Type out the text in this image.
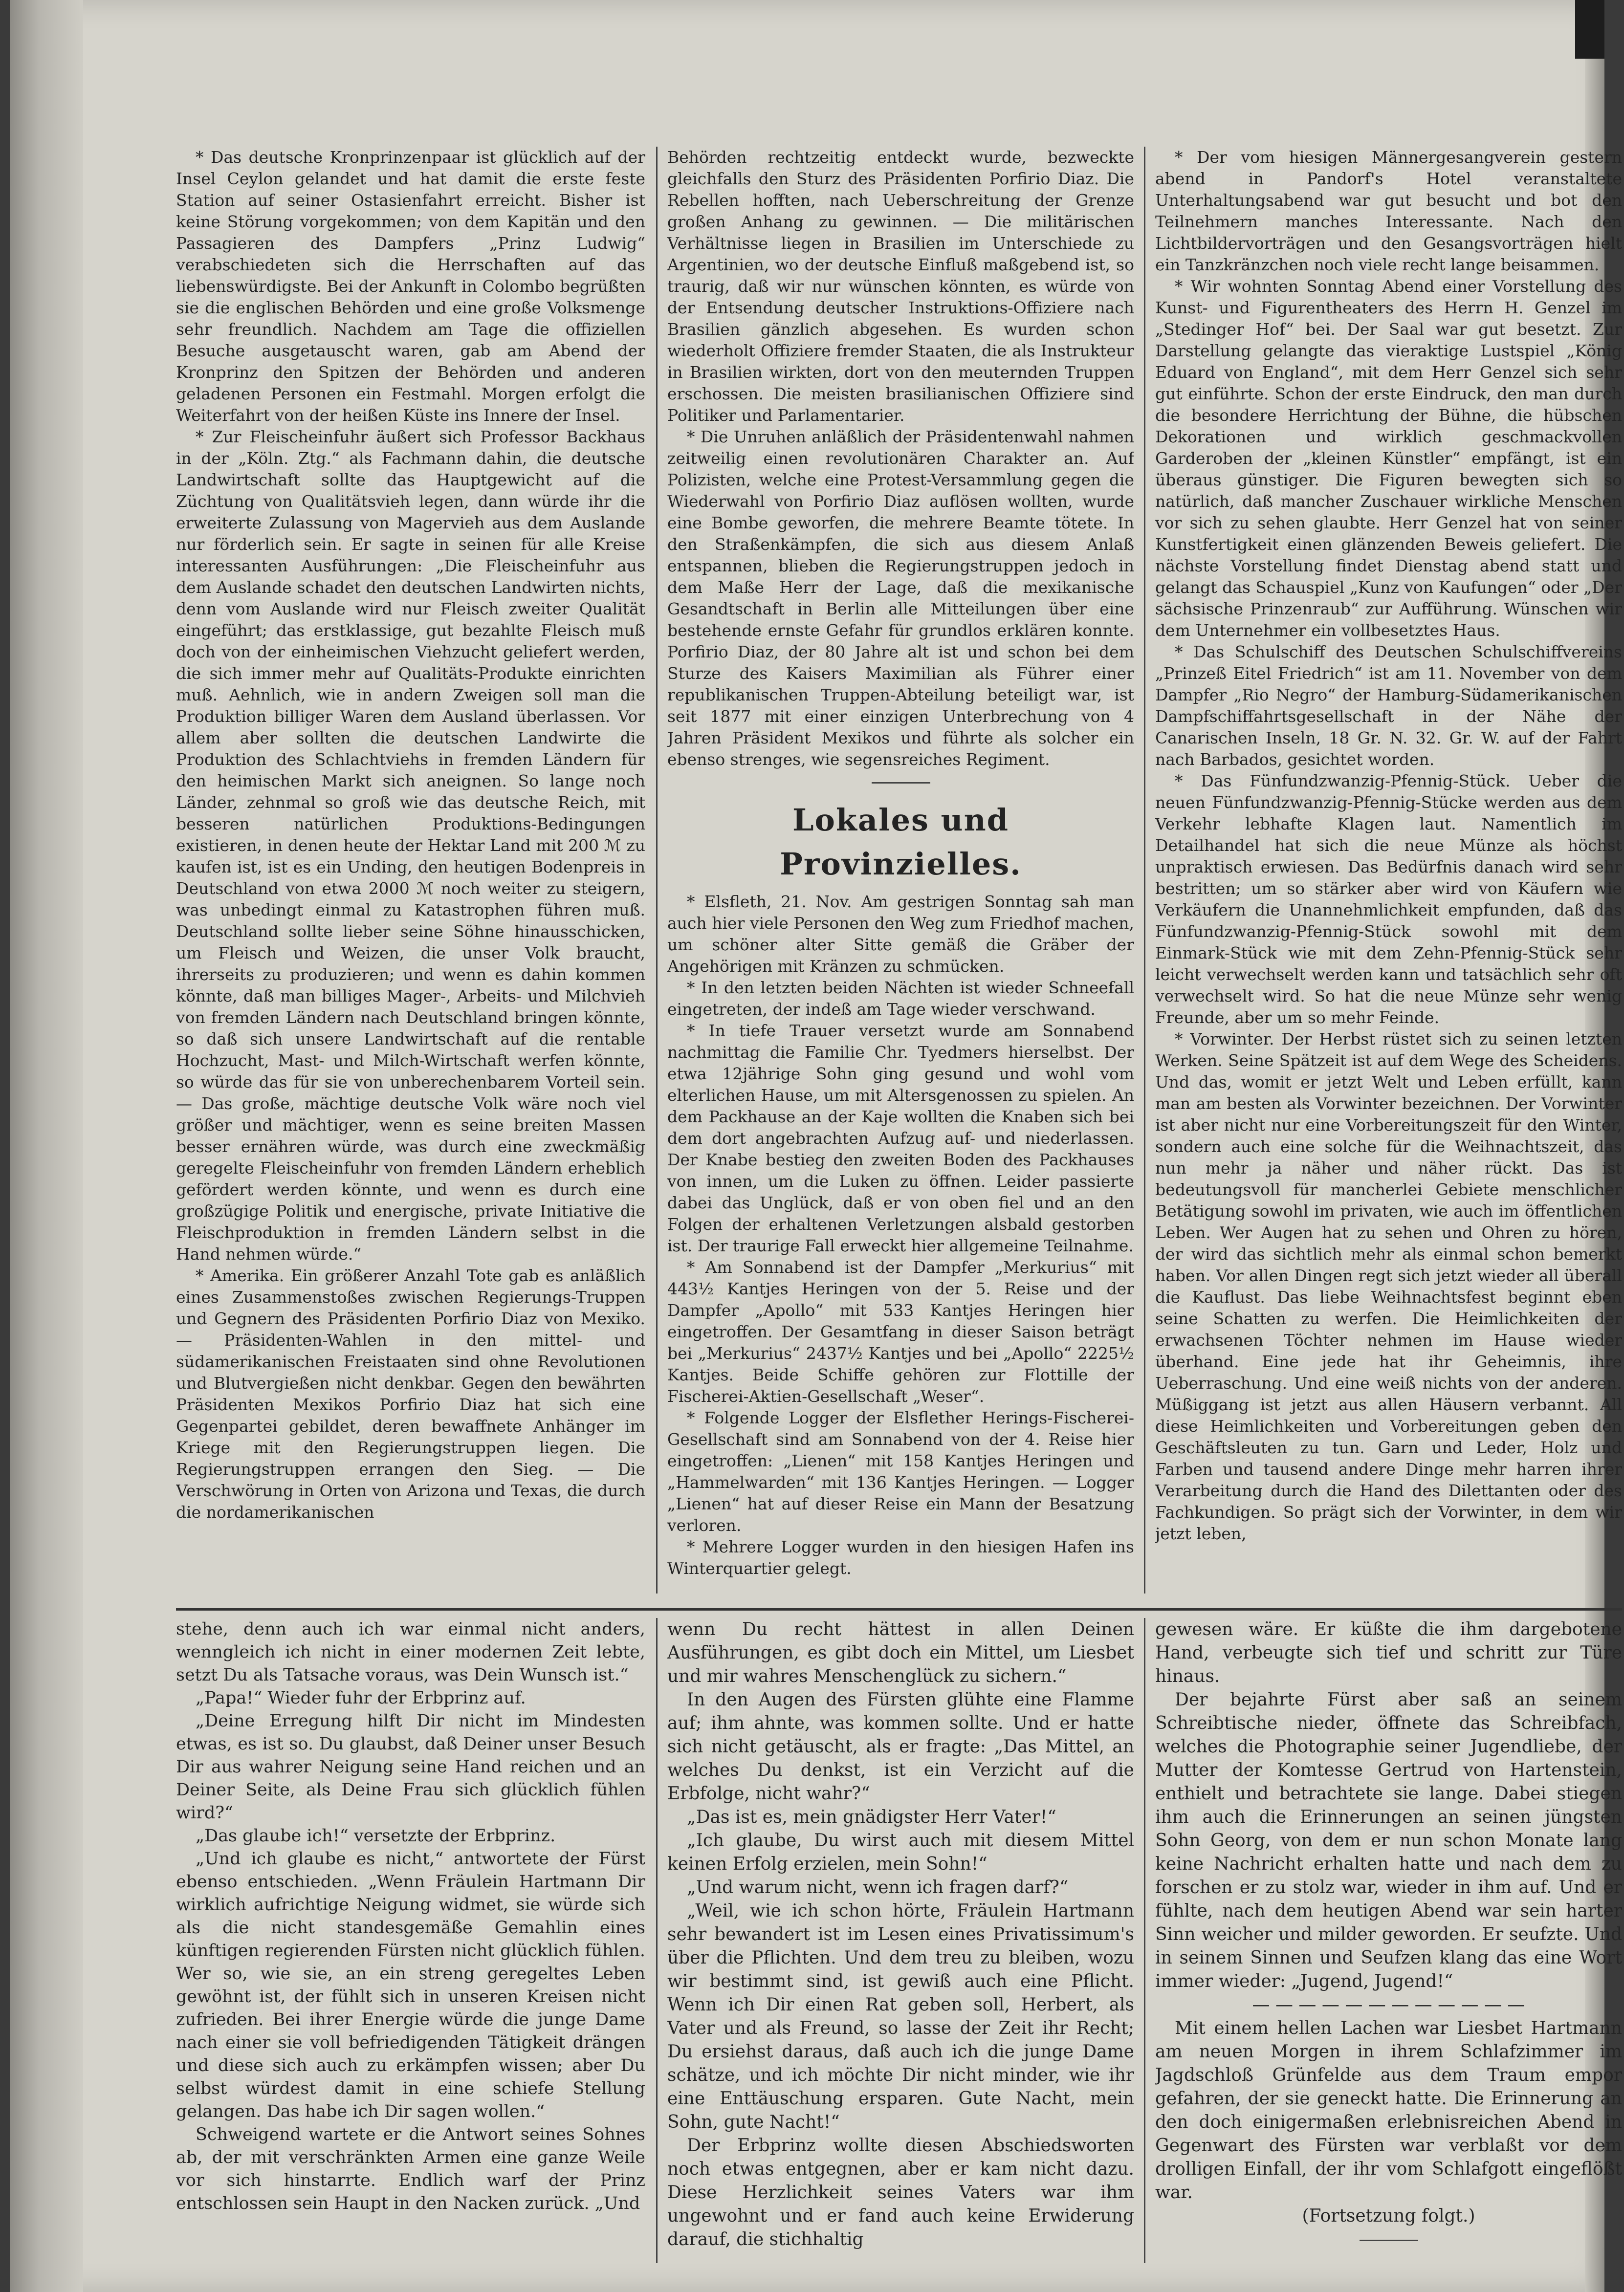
* Das deutsche Kronprinzenpaar ist glücklich auf der Insel Ceylon gelandet und hat damit die erste feste Station auf seiner Ostasienfahrt erreicht. Bisher ist keine Störung vorgekommen; von dem Kapitän und den Passagieren des Dampfers „Prinz Ludwig“ verabschiedeten sich die Herrschaften auf das liebenswürdigste. Bei der Ankunft in Colombo begrüßten sie die englischen Behörden und eine große Volksmenge sehr freundlich. Nachdem am Tage die offiziellen Besuche ausgetauscht waren, gab am Abend der Kronprinz den Spitzen der Behörden und anderen geladenen Personen ein Festmahl. Morgen erfolgt die Weiterfahrt von der heißen Küste ins Innere der Insel.

* Zur Fleischeinfuhr äußert sich Professor Backhaus in der „Köln. Ztg.“ als Fachmann dahin, die deutsche Landwirtschaft sollte das Hauptgewicht auf die Züchtung von Qualitätsvieh legen, dann würde ihr die erweiterte Zulassung von Magervieh aus dem Auslande nur förderlich sein. Er sagte in seinen für alle Kreise interessanten Ausführungen: „Die Fleischeinfuhr aus dem Auslande schadet den deutschen Landwirten nichts, denn vom Auslande wird nur Fleisch zweiter Qualität eingeführt; das erstklassige, gut bezahlte Fleisch muß doch von der einheimischen Viehzucht geliefert werden, die sich immer mehr auf Qualitäts-Produkte einrichten muß. Aehnlich, wie in andern Zweigen soll man die Produktion billiger Waren dem Ausland überlassen. Vor allem aber sollten die deutschen Landwirte die Produktion des Schlachtviehs in fremden Ländern für den heimischen Markt sich aneignen. So lange noch Länder, zehnmal so groß wie das deutsche Reich, mit besseren natürlichen Produktions-Bedingungen existieren, in denen heute der Hektar Land mit 200 ℳ zu kaufen ist, ist es ein Unding, den heutigen Bodenpreis in Deutschland von etwa 2000 ℳ noch weiter zu steigern, was unbedingt einmal zu Katastrophen führen muß. Deutschland sollte lieber seine Söhne hinausschicken, um Fleisch und Weizen, die unser Volk braucht, ihrerseits zu produzieren; und wenn es dahin kommen könnte, daß man billiges Mager-, Arbeits- und Milchvieh von fremden Ländern nach Deutschland bringen könnte, so daß sich unsere Landwirtschaft auf die rentable Hochzucht, Mast- und Milch-Wirtschaft werfen könnte, so würde das für sie von unberechenbarem Vorteil sein. — Das große, mächtige deutsche Volk wäre noch viel größer und mächtiger, wenn es seine breiten Massen besser ernähren würde, was durch eine zweckmäßig geregelte Fleischeinfuhr von fremden Ländern erheblich gefördert werden könnte, und wenn es durch eine großzügige Politik und energische, private Initiative die Fleischproduktion in fremden Ländern selbst in die Hand nehmen würde.“

* Amerika. Ein größerer Anzahl Tote gab es anläßlich eines Zusammenstoßes zwischen Regierungs-Truppen und Gegnern des Präsidenten Porfirio Diaz von Mexiko. — Präsidenten-Wahlen in den mittel- und südamerikanischen Freistaaten sind ohne Revolutionen und Blutvergießen nicht denkbar. Gegen den bewährten Präsidenten Mexikos Porfirio Diaz hat sich eine Gegenpartei gebildet, deren bewaffnete Anhänger im Kriege mit den Regierungstruppen liegen. Die Regierungstruppen errangen den Sieg. — Die Verschwörung in Orten von Arizona und Texas, die durch die nordamerikanischen

Behörden rechtzeitig entdeckt wurde, bezweckte gleichfalls den Sturz des Präsidenten Porfirio Diaz. Die Rebellen hofften, nach Ueberschreitung der Grenze großen Anhang zu gewinnen. — Die militärischen Verhältnisse liegen in Brasilien im Unterschiede zu Argentinien, wo der deutsche Einfluß maßgebend ist, so traurig, daß wir nur wünschen könnten, es würde von der Entsendung deutscher Instruktions-Offiziere nach Brasilien gänzlich abgesehen. Es wurden schon wiederholt Offiziere fremder Staaten, die als Instrukteur in Brasilien wirkten, dort von den meuternden Truppen erschossen. Die meisten brasilianischen Offiziere sind Politiker und Parlamentarier.

* Die Unruhen anläßlich der Präsidentenwahl nahmen zeitweilig einen revolutionären Charakter an. Auf Polizisten, welche eine Protest-Versammlung gegen die Wiederwahl von Porfirio Diaz auflösen wollten, wurde eine Bombe geworfen, die mehrere Beamte tötete. In den Straßenkämpfen, die sich aus diesem Anlaß entspannen, blieben die Regierungstruppen jedoch in dem Maße Herr der Lage, daß die mexikanische Gesandtschaft in Berlin alle Mitteilungen über eine bestehende ernste Gefahr für grundlos erklären konnte. Porfirio Diaz, der 80 Jahre alt ist und schon bei dem Sturze des Kaisers Maximilian als Führer einer republikanischen Truppen-Abteilung beteiligt war, ist seit 1877 mit einer einzigen Unterbrechung von 4 Jahren Präsident Mexikos und führte als solcher ein ebenso strenges, wie segensreiches Regiment.

Lokales und Provinzielles.

* Elsfleth, 21. Nov. Am gestrigen Sonntag sah man auch hier viele Personen den Weg zum Friedhof machen, um schöner alter Sitte gemäß die Gräber der Angehörigen mit Kränzen zu schmücken.

* In den letzten beiden Nächten ist wieder Schneefall eingetreten, der indeß am Tage wieder verschwand.

* In tiefe Trauer versetzt wurde am Sonnabend nachmittag die Familie Chr. Tyedmers hierselbst. Der etwa 12jährige Sohn ging gesund und wohl vom elterlichen Hause, um mit Altersgenossen zu spielen. An dem Packhause an der Kaje wollten die Knaben sich bei dem dort angebrachten Aufzug auf- und niederlassen. Der Knabe bestieg den zweiten Boden des Packhauses von innen, um die Luken zu öffnen. Leider passierte dabei das Unglück, daß er von oben fiel und an den Folgen der erhaltenen Verletzungen alsbald gestorben ist. Der traurige Fall erweckt hier allgemeine Teilnahme.

* Am Sonnabend ist der Dampfer „Merkurius“ mit 443½ Kantjes Heringen von der 5. Reise und der Dampfer „Apollo“ mit 533 Kantjes Heringen hier eingetroffen. Der Gesamtfang in dieser Saison beträgt bei „Merkurius“ 2437½ Kantjes und bei „Apollo“ 2225½ Kantjes. Beide Schiffe gehören zur Flottille der Fischerei-Aktien-Gesellschaft „Weser“.

* Folgende Logger der Elsflether Herings-Fischerei-Gesellschaft sind am Sonnabend von der 4. Reise hier eingetroffen: „Lienen“ mit 158 Kantjes Heringen und „Hammelwarden“ mit 136 Kantjes Heringen. — Logger „Lienen“ hat auf dieser Reise ein Mann der Besatzung verloren.

* Mehrere Logger wurden in den hiesigen Hafen ins Winterquartier gelegt.

* Der vom hiesigen Männergesangverein gestern abend in Pandorf's Hotel veranstaltete Unterhaltungsabend war gut besucht und bot den Teilnehmern manches Interessante. Nach den Lichtbildervorträgen und den Gesangsvorträgen hielt ein Tanzkränzchen noch viele recht lange beisammen.

* Wir wohnten Sonntag Abend einer Vorstellung des Kunst- und Figurentheaters des Herrn H. Genzel im „Stedinger Hof“ bei. Der Saal war gut besetzt. Zur Darstellung gelangte das vieraktige Lustspiel „König Eduard von England“, mit dem Herr Genzel sich sehr gut einführte. Schon der erste Eindruck, den man durch die besondere Herrichtung der Bühne, die hübschen Dekorationen und wirklich geschmackvollen Garderoben der „kleinen Künstler“ empfängt, ist ein überaus günstiger. Die Figuren bewegten sich so natürlich, daß mancher Zuschauer wirkliche Menschen vor sich zu sehen glaubte. Herr Genzel hat von seiner Kunstfertigkeit einen glänzenden Beweis geliefert. Die nächste Vorstellung findet Dienstag abend statt und gelangt das Schauspiel „Kunz von Kaufungen“ oder „Der sächsische Prinzenraub“ zur Aufführung. Wünschen wir dem Unternehmer ein vollbesetztes Haus.

* Das Schulschiff des Deutschen Schulschiffvereins „Prinzeß Eitel Friedrich“ ist am 11. November von dem Dampfer „Rio Negro“ der Hamburg-Südamerikanischen Dampfschiffahrtsgesellschaft in der Nähe der Canarischen Inseln, 18 Gr. N. 32. Gr. W. auf der Fahrt nach Barbados, gesichtet worden.

* Das Fünfundzwanzig-Pfennig-Stück. Ueber die neuen Fünfundzwanzig-Pfennig-Stücke werden aus dem Verkehr lebhafte Klagen laut. Namentlich im Detailhandel hat sich die neue Münze als höchst unpraktisch erwiesen. Das Bedürfnis danach wird sehr bestritten; um so stärker aber wird von Käufern wie Verkäufern die Unannehmlichkeit empfunden, daß das Fünfundzwanzig-Pfennig-Stück sowohl mit dem Einmark-Stück wie mit dem Zehn-Pfennig-Stück sehr leicht verwechselt werden kann und tatsächlich sehr oft verwechselt wird. So hat die neue Münze sehr wenig Freunde, aber um so mehr Feinde.

* Vorwinter. Der Herbst rüstet sich zu seinen letzten Werken. Seine Spätzeit ist auf dem Wege des Scheidens. Und das, womit er jetzt Welt und Leben erfüllt, kann man am besten als Vorwinter bezeichnen. Der Vorwinter ist aber nicht nur eine Vorbereitungszeit für den Winter, sondern auch eine solche für die Weihnachtszeit, das nun mehr ja näher und näher rückt. Das ist bedeutungsvoll für mancherlei Gebiete menschlicher Betätigung sowohl im privaten, wie auch im öffentlichen Leben. Wer Augen hat zu sehen und Ohren zu hören, der wird das sichtlich mehr als einmal schon bemerkt haben. Vor allen Dingen regt sich jetzt wieder all überall die Kauflust. Das liebe Weihnachtsfest beginnt eben seine Schatten zu werfen. Die Heimlichkeiten der erwachsenen Töchter nehmen im Hause wieder überhand. Eine jede hat ihr Geheimnis, ihre Ueberraschung. Und eine weiß nichts von der anderen. Müßiggang ist jetzt aus allen Häusern verbannt. All diese Heimlichkeiten und Vorbereitungen geben den Geschäftsleuten zu tun. Garn und Leder, Holz und Farben und tausend andere Dinge mehr harren ihrer Verarbeitung durch die Hand des Dilettanten oder des Fachkundigen. So prägt sich der Vorwinter, in dem wir jetzt leben,

stehe, denn auch ich war einmal nicht anders, wenngleich ich nicht in einer modernen Zeit lebte, setzt Du als Tatsache voraus, was Dein Wunsch ist.“

„Papa!“ Wieder fuhr der Erbprinz auf.

„Deine Erregung hilft Dir nicht im Mindesten etwas, es ist so. Du glaubst, daß Deiner unser Besuch Dir aus wahrer Neigung seine Hand reichen und an Deiner Seite, als Deine Frau sich glücklich fühlen wird?“

„Das glaube ich!“ versetzte der Erbprinz.

„Und ich glaube es nicht,“ antwortete der Fürst ebenso entschieden. „Wenn Fräulein Hartmann Dir wirklich aufrichtige Neigung widmet, sie würde sich als die nicht standesgemäße Gemahlin eines künftigen regierenden Fürsten nicht glücklich fühlen. Wer so, wie sie, an ein streng geregeltes Leben gewöhnt ist, der fühlt sich in unseren Kreisen nicht zufrieden. Bei ihrer Energie würde die junge Dame nach einer sie voll befriedigenden Tätigkeit drängen und diese sich auch zu erkämpfen wissen; aber Du selbst würdest damit in eine schiefe Stellung gelangen. Das habe ich Dir sagen wollen.“

Schweigend wartete er die Antwort seines Sohnes ab, der mit verschränkten Armen eine ganze Weile vor sich hinstarrte. Endlich warf der Prinz entschlossen sein Haupt in den Nacken zurück. „Und

wenn Du recht hättest in allen Deinen Ausführungen, es gibt doch ein Mittel, um Liesbet und mir wahres Menschenglück zu sichern.“

In den Augen des Fürsten glühte eine Flamme auf; ihm ahnte, was kommen sollte. Und er hatte sich nicht getäuscht, als er fragte: „Das Mittel, an welches Du denkst, ist ein Verzicht auf die Erbfolge, nicht wahr?“

„Das ist es, mein gnädigster Herr Vater!“

„Ich glaube, Du wirst auch mit diesem Mittel keinen Erfolg erzielen, mein Sohn!“

„Und warum nicht, wenn ich fragen darf?“

„Weil, wie ich schon hörte, Fräulein Hartmann sehr bewandert ist im Lesen eines Privatissimum's über die Pflichten. Und dem treu zu bleiben, wozu wir bestimmt sind, ist gewiß auch eine Pflicht. Wenn ich Dir einen Rat geben soll, Herbert, als Vater und als Freund, so lasse der Zeit ihr Recht; Du ersiehst daraus, daß auch ich die junge Dame schätze, und ich möchte Dir nicht minder, wie ihr eine Enttäuschung ersparen. Gute Nacht, mein Sohn, gute Nacht!“

Der Erbprinz wollte diesen Abschiedsworten noch etwas entgegnen, aber er kam nicht dazu. Diese Herzlichkeit seines Vaters war ihm ungewohnt und er fand auch keine Erwiderung darauf, die stichhaltig

gewesen wäre. Er küßte die ihm dargebotene Hand, verbeugte sich tief und schritt zur Türe hinaus.

Der bejahrte Fürst aber saß an seinem Schreibtische nieder, öffnete das Schreibfach, welches die Photographie seiner Jugendliebe, der Mutter der Komtesse Gertrud von Hartenstein, enthielt und betrachtete sie lange. Dabei stiegen ihm auch die Erinnerungen an seinen jüngsten Sohn Georg, von dem er nun schon Monate lang keine Nachricht erhalten hatte und nach dem zu forschen er zu stolz war, wieder in ihm auf. Und er fühlte, nach dem heutigen Abend war sein harter Sinn weicher und milder geworden. Er seufzte. Und in seinem Sinnen und Seufzen klang das eine Wort immer wieder: „Jugend, Jugend!“

— — — — — — — — — — — —

Mit einem hellen Lachen war Liesbet Hartmann am neuen Morgen in ihrem Schlafzimmer im Jagdschloß Grünfelde aus dem Traum empor gefahren, der sie geneckt hatte. Die Erinnerung an den doch einigermaßen erlebnisreichen Abend in Gegenwart des Fürsten war verblaßt vor dem drolligen Einfall, der ihr vom Schlafgott eingeflößt war.

(Fortsetzung folgt.)
